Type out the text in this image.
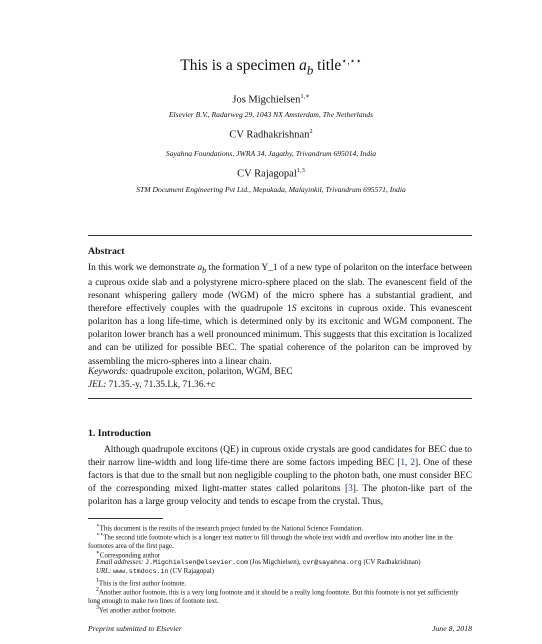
This is a specimen $a_b$ title⋆,⋆⋆
Jos Migchielsen$^{1,∗}$
Elsevier B.V., Radarweg 29, 1043 NX Amsterdam, The Netherlands
CV Radhakrishnan$^2$
Sayahna Foundations, JWRA 34, Jagathy, Trivandrum 695014, India
CV Rajagopal$^{1,3}$
STM Document Engineering Pvt Ltd., Mepukada, Malayinkil, Trivandrum 695571, India
Abstract

In this work we demonstrate $a_b$ the formation Y_1 of a new type of polariton on the interface between a cuprous oxide slab and a polystyrene micro-sphere placed on the slab. The evanescent field of the resonant whispering gallery mode (WGM) of the micro sphere has a substantial gradient, and therefore effectively couples with the quadrupole 1S excitons in cuprous oxide. This evanescent polariton has a long life-time, which is determined only by its excitonic and WGM component. The polariton lower branch has a well pronounced minimum. This suggests that this excitation is localized and can be utilized for possible BEC. The spatial coherence of the polariton can be improved by assembling the micro-spheres into a linear chain.

Keywords: quadrupole exciton, polariton, WGM, BEC
JEL: 71.35.-y, 71.35.Lk, 71.36.+c
1. Introduction

Although quadrupole excitons (QE) in cuprous oxide crystals are good candidates for BEC due to their narrow line-width and long life-time there are some factors impeding BEC [1, 2]. One of these factors is that due to the small but non negligible coupling to the photon bath, one must consider BEC of the corresponding mixed light-matter states called polaritons [3]. The photon-like part of the polariton has a large group velocity and tends to escape from the crystal. Thus,

⋆This document is the results of the research project funded by the National Science Foundation.

⋆⋆The second title footnote which is a longer text matter to fill through the whole text width and overflow into another line in the footnotes area of the first page.

∗Corresponding author

Email addresses: J.Migchielsen@elsevier.com (Jos Migchielsen), cvr@sayahna.org (CV Radhakrishnan)

URL: www.stmdocs.in (CV Rajagopal)

$^1$This is the first author footnote.

$^2$Another author footnote, this is a very long footnote and it should be a really long footnote. But this footnote is not yet sufficiently long enough to make two lines of footnote text.

$^3$Yet another author footnote.

Preprint submitted to Elsevier	June 8, 2018
